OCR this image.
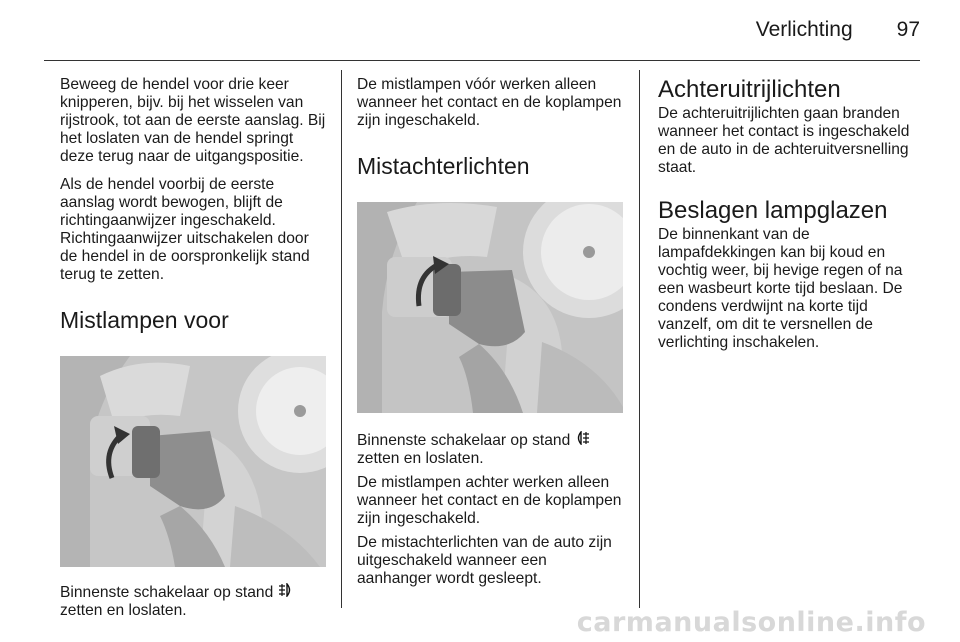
Verlichting 97

Beweeg de hendel voor drie keer knipperen, bijv. bij het wisselen van rijstrook, tot aan de eerste aanslag. Bij het loslaten van de hendel springt deze terug naar de uitgangspositie.

Als de hendel voorbij de eerste aanslag wordt bewogen, blijft de richtingaanwijzer ingeschakeld. Richtingaanwijzer uitschakelen door de hendel in de oorspronkelijk stand terug te zetten.

Mistlampen voor

Binnenste schakelaar op stand  zetten en loslaten.

De mistlampen vóór werken alleen wanneer het contact en de koplampen zijn ingeschakeld.

Mistachterlichten

Binnenste schakelaar op stand  zetten en loslaten.

De mistlampen achter werken alleen wanneer het contact en de koplampen zijn ingeschakeld.

De mistachterlichten van de auto zijn uitgeschakeld wanneer een aanhanger wordt gesleept.

Achteruitrijlichten

De achteruitrijlichten gaan branden wanneer het contact is ingeschakeld en de auto in de achteruitversnelling staat.

Beslagen lampglazen

De binnenkant van de lampafdekkingen kan bij koud en vochtig weer, bij hevige regen of na een wasbeurt korte tijd beslaan. De condens verdwijnt na korte tijd vanzelf, om dit te versnellen de verlichting inschakelen.

carmanualsonline.info
